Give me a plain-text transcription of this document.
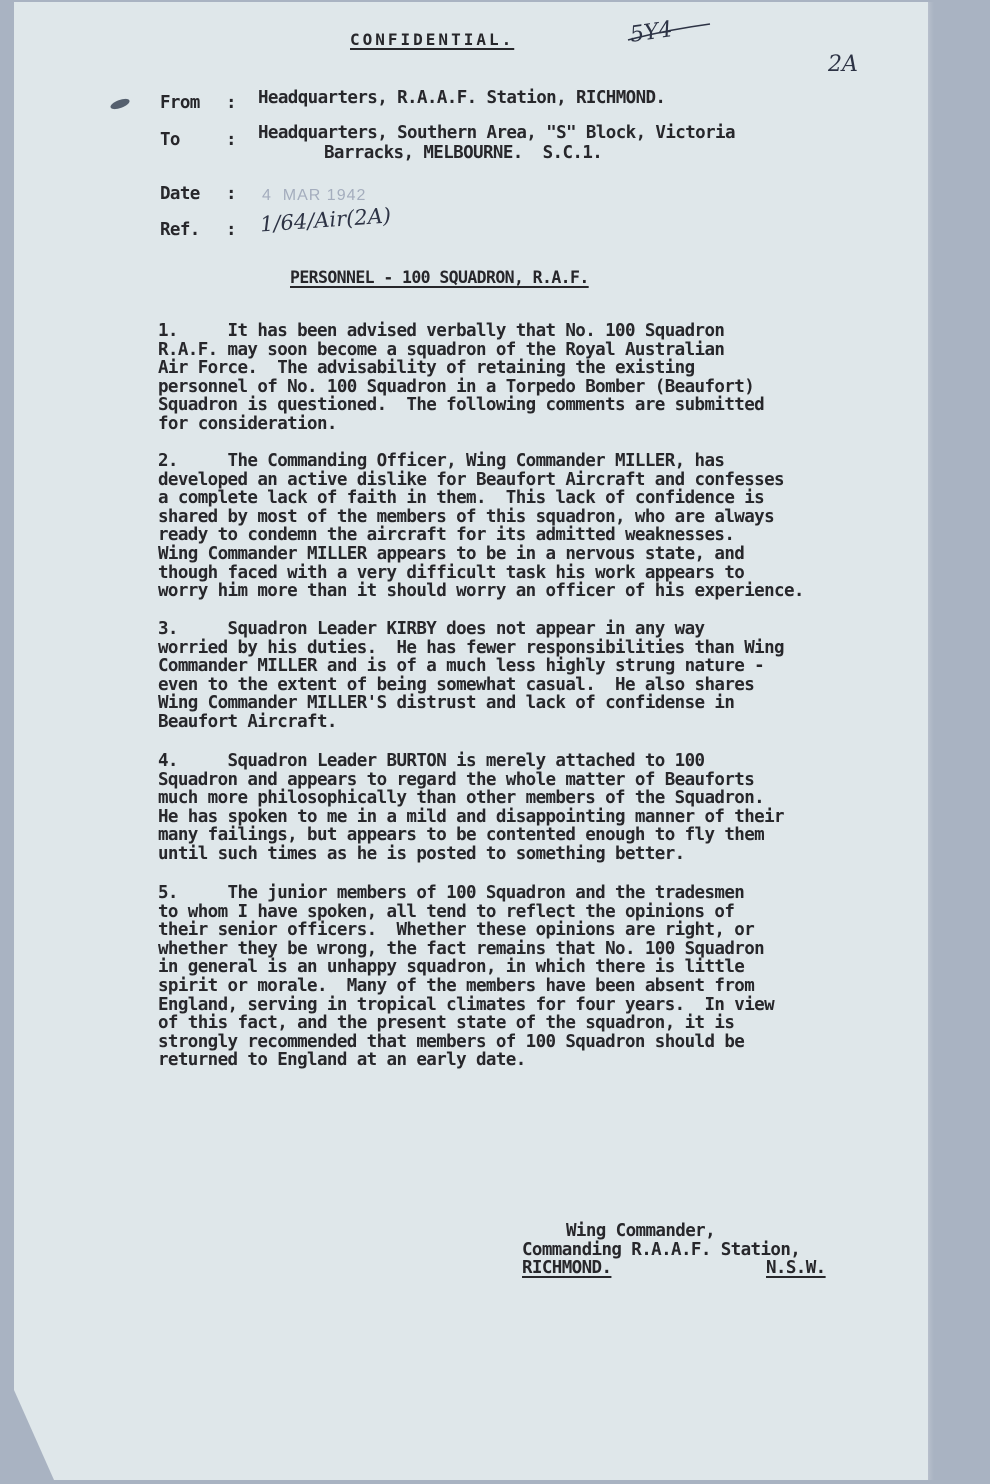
CONFIDENTIAL.	5Y4
2A
From : Headquarters, R.A.A.F. Station, RICHMOND.
To	: Headquarters, Southern Area, "S" Block, Victoria
Barracks, MELBOURNE.  S.C.1.
Date : 4  MAR 1942
Ref. : 1/64/Air(2A)
PERSONNEL - 100 SQUADRON, R.A.F.
1.     It has been advised verbally that No. 100 Squadron
R.A.F. may soon become a squadron of the Royal Australian
Air Force.  The advisability of retaining the existing
personnel of No. 100 Squadron in a Torpedo Bomber (Beaufort)
Squadron is questioned.  The following comments are submitted
for consideration.
2.     The Commanding Officer, Wing Commander MILLER, has
developed an active dislike for Beaufort Aircraft and confesses
a complete lack of faith in them.  This lack of confidence is
shared by most of the members of this squadron, who are always
ready to condemn the aircraft for its admitted weaknesses.
Wing Commander MILLER appears to be in a nervous state, and
though faced with a very difficult task his work appears to
worry him more than it should worry an officer of his experience.
3.     Squadron Leader KIRBY does not appear in any way
worried by his duties.  He has fewer responsibilities than Wing
Commander MILLER and is of a much less highly strung nature -
even to the extent of being somewhat casual.  He also shares
Wing Commander MILLER'S distrust and lack of confidense in
Beaufort Aircraft.
4.     Squadron Leader BURTON is merely attached to 100
Squadron and appears to regard the whole matter of Beauforts
much more philosophically than other members of the Squadron.
He has spoken to me in a mild and disappointing manner of their
many failings, but appears to be contented enough to fly them
until such times as he is posted to something better.
5.     The junior members of 100 Squadron and the tradesmen
to whom I have spoken, all tend to reflect the opinions of
their senior officers.  Whether these opinions are right, or
whether they be wrong, the fact remains that No. 100 Squadron
in general is an unhappy squadron, in which there is little
spirit or morale.  Many of the members have been absent from
England, serving in tropical climates for four years.  In view
of this fact, and the present state of the squadron, it is
strongly recommended that members of 100 Squadron should be
returned to England at an early date.
Wing Commander,
Commanding R.A.A.F. Station,
RICHMOND.	N.S.W.
